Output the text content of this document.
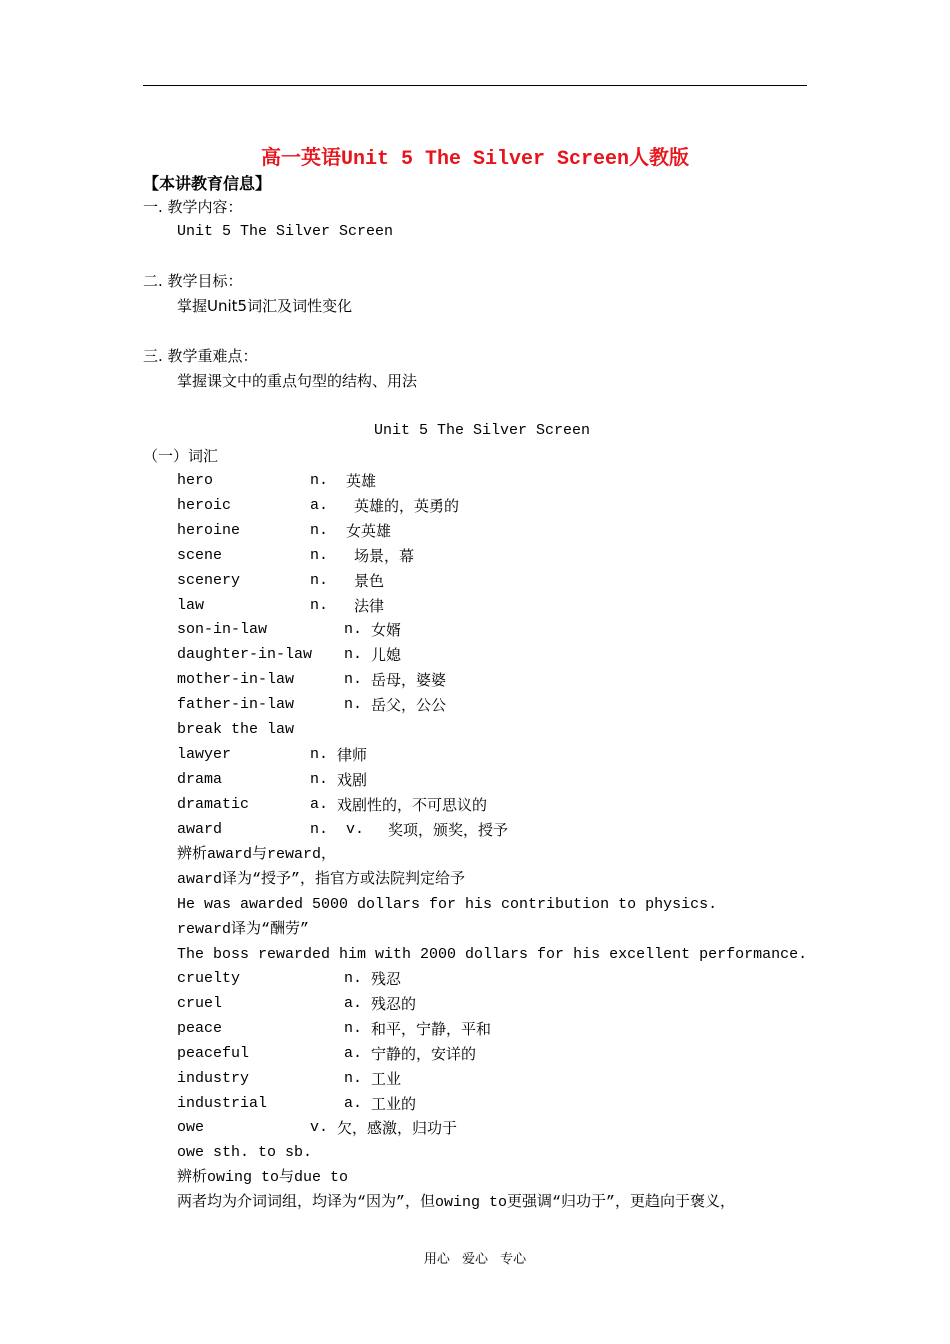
高一英语Unit 5 The Silver Screen人教版
【本讲教育信息】
一. 教学内容：
Unit 5 The Silver Screen
二. 教学目标：
掌握Unit5词汇及词性变化
三. 教学重难点：
掌握课文中的重点句型的结构、用法
Unit 5 The Silver Screen
（一）词汇
hero	n. 英雄
heroic	a. 英雄的，英勇的
heroine	n. 女英雄
scene	n. 场景，幕
scenery	n. 景色
law	n. 法律
son-in-law	n. 女婿
daughter-in-law n. 儿媳
mother-in-law	n. 岳母，婆婆
father-in-law	n. 岳父，公公
break the law
lawyer	n. 律师
drama	n. 戏剧
dramatic	a. 戏剧性的，不可思议的
award	n.  v. 奖项，颁奖，授予
辨析award与reward，
award译为“授予”，指官方或法院判定给予
He was awarded 5000 dollars for his contribution to physics.
reward译为“酬劳”
The boss rewarded him with 2000 dollars for his excellent performance.
cruelty	n. 残忍
cruel	a. 残忍的
peace	n. 和平，宁静，平和
peaceful	a. 宁静的，安详的
industry	n. 工业
industrial	a. 工业的
owe	v. 欠，感激，归功于
owe sth. to sb.
辨析owing to与due to
两者均为介词词组，均译为“因为”，但owing to更强调“归功于”，更趋向于褒义，
用心 爱心 专心
